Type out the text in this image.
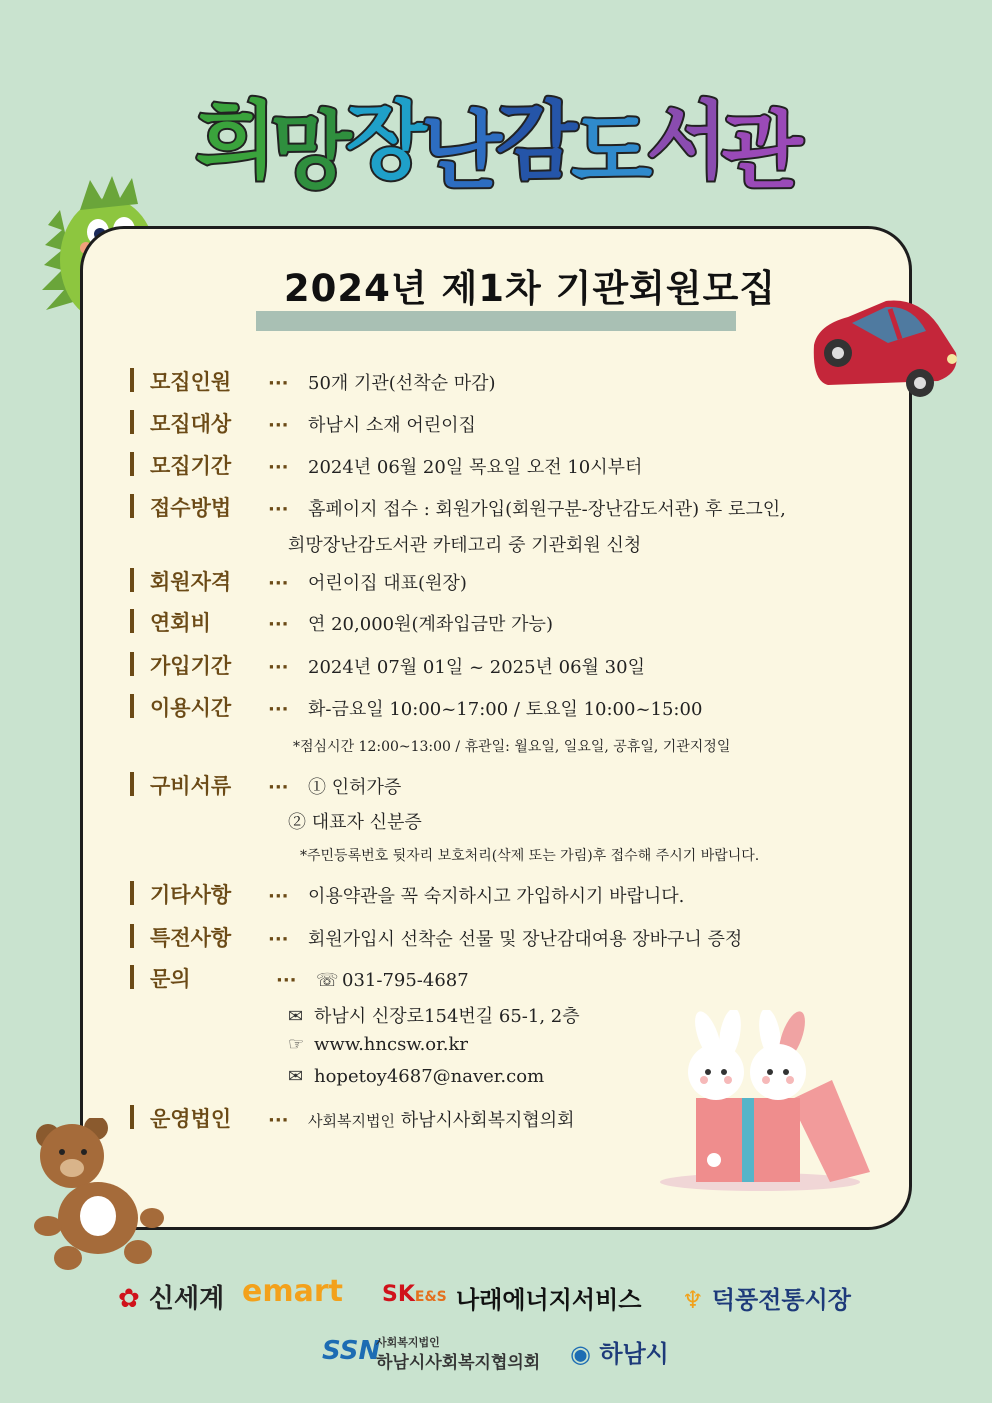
희망장난감도서관
2024년 제1차 기관회원모집
모집인원	···	50개 기관(선착순 마감)
모집대상	···	하남시 소재 어린이집
모집기간	···	2024년 06월 20일 목요일 오전 10시부터
접수방법	···	홈페이지 접수 : 회원가입(회원구분-장난감도서관) 후 로그인,
희망장난감도서관 카테고리 중 기관회원 신청
회원자격	···	어린이집 대표(원장)
연회비	···	연 20,000원(계좌입금만 가능)
가입기간	···	2024년 07월 01일 ~ 2025년 06월 30일
이용시간	···	화-금요일 10:00~17:00 / 토요일 10:00~15:00
*점심시간 12:00~13:00 / 휴관일: 월요일, 일요일, 공휴일, 기관지정일
구비서류	···	① 인허가증
② 대표자 신분증
*주민등록번호 뒷자리 보호처리(삭제 또는 가림)후 접수해 주시기 바랍니다.
기타사항	···	이용약관을 꼭 숙지하시고 가입하시기 바랍니다.
특전사항	···	회원가입시 선착순 선물 및 장난감대여용 장바구니 증정
문의	···	☏ 031-795-4687
✉ 하남시 신장로154번길 65-1, 2층
☞ www.hncsw.or.kr
✉ hopetoy4687@naver.com
운영법인	···	사회복지법인 하남시사회복지협의회
✿ 신세계 emart SKE&S 나래에너지서비스 ♆ 덕풍전통시장
SSN
사회복지법인
하남시사회복지협의회 ◉ 하남시
